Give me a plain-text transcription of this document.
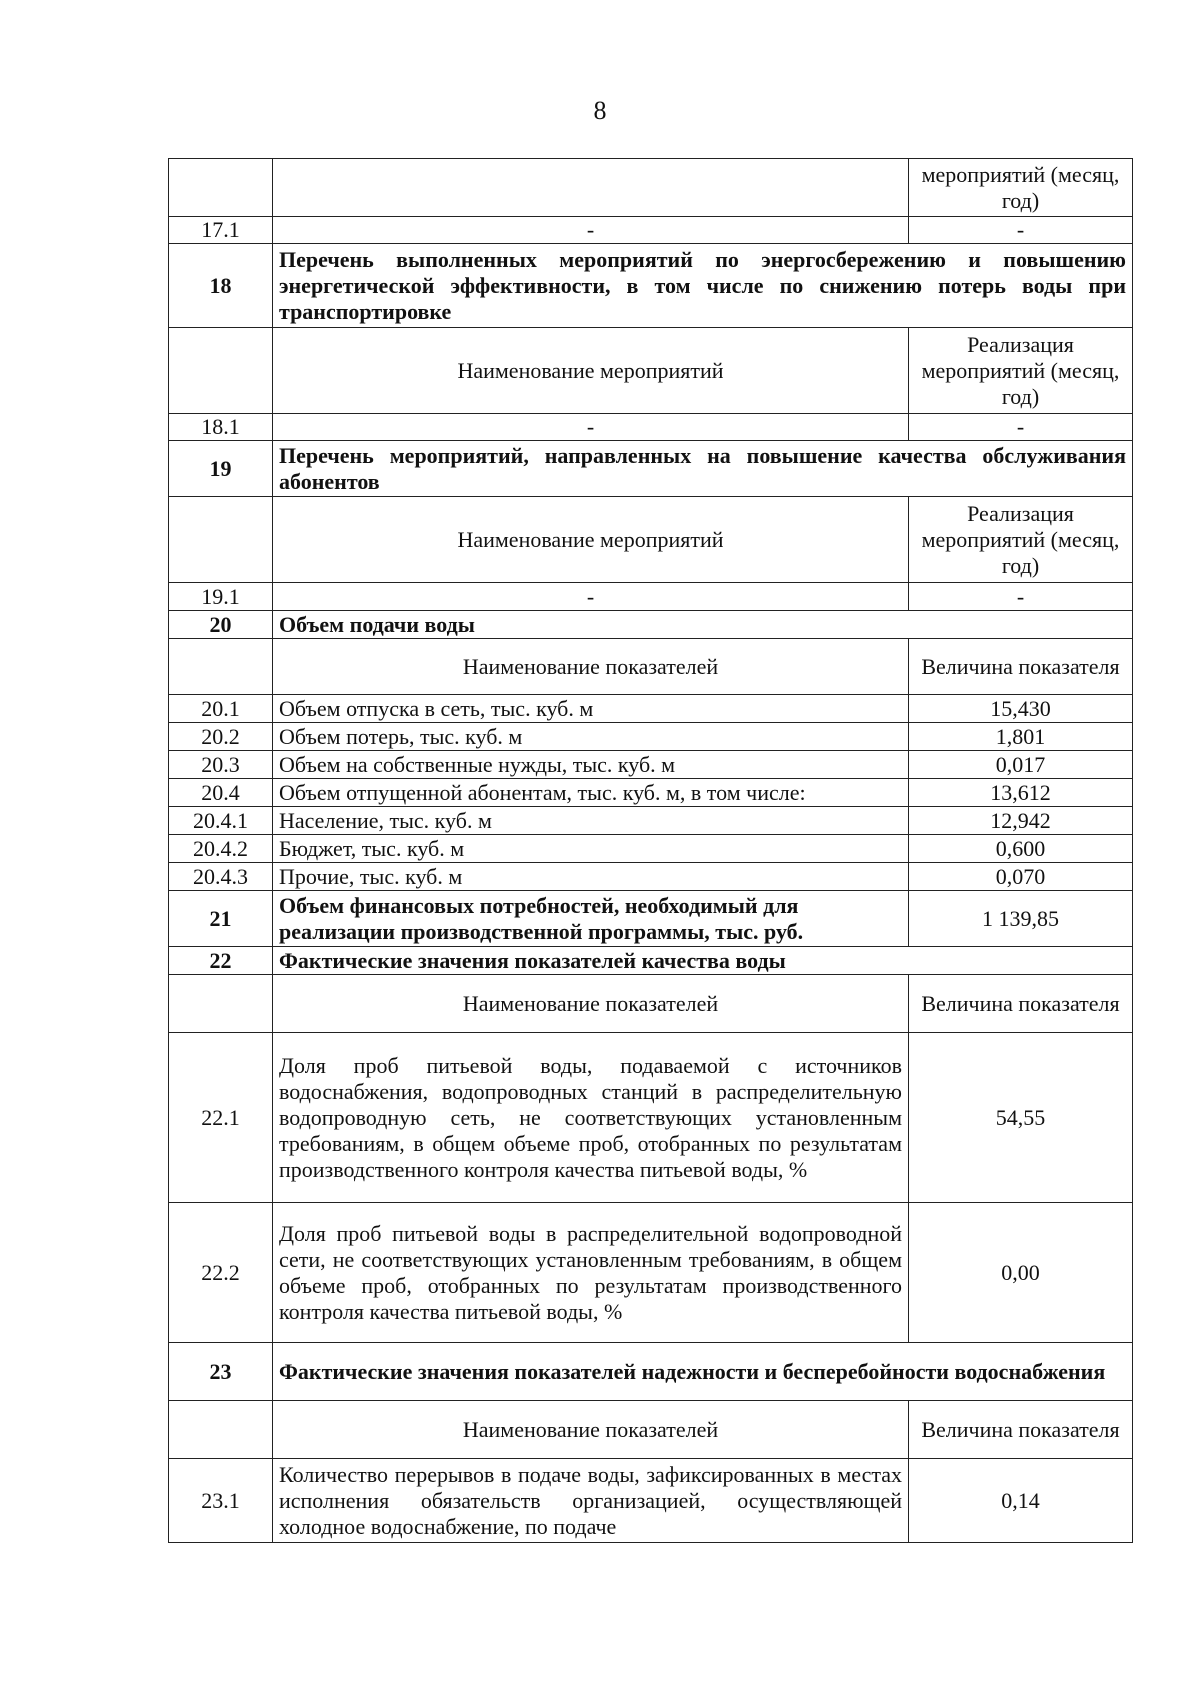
8
		мероприятий (месяц, год)
17.1	-	-
18	Перечень выполненных мероприятий по энергосбережению и повышению энергетической эффективности, в том числе по снижению потерь воды при транспортировке	
	Наименование мероприятий	Реализация мероприятий (месяц, год)
18.1	-	-
19	Перечень мероприятий, направленных на повышение качества обслуживания абонентов	
	Наименование мероприятий	Реализация мероприятий (месяц, год)
19.1	-	-
20	Объем подачи воды	
	Наименование показателей	Величина показателя
20.1	Объем отпуска в сеть, тыс. куб. м	15,430
20.2	Объем потерь, тыс. куб. м	1,801
20.3	Объем на собственные нужды, тыс. куб. м	0,017
20.4	Объем отпущенной абонентам, тыс. куб. м, в том числе:	13,612
20.4.1	Население, тыс. куб. м	12,942
20.4.2	Бюджет, тыс. куб. м	0,600
20.4.3	Прочие, тыс. куб. м	0,070
21	Объем финансовых потребностей, необходимый для реализации производственной программы, тыс. руб.	1 139,85
22	Фактические значения показателей качества воды	
	Наименование показателей	Величина показателя
22.1	Доля проб питьевой воды, подаваемой с источников водоснабжения, водопроводных станций в распределительную водопроводную сеть, не соответствующих установленным требованиям, в общем объеме проб, отобранных по результатам производственного контроля качества питьевой воды, %	54,55
22.2	Доля проб питьевой воды в распределительной водопроводной сети, не соответствующих установленным требованиям, в общем объеме проб, отобранных по результатам производственного контроля качества питьевой воды, %	0,00
23	Фактические значения показателей надежности и бесперебойности водоснабжения	
	Наименование показателей	Величина показателя
23.1	Количество перерывов в подаче воды, зафиксированных в местах исполнения обязательств организацией, осуществляющей холодное водоснабжение, по подаче	0,14
